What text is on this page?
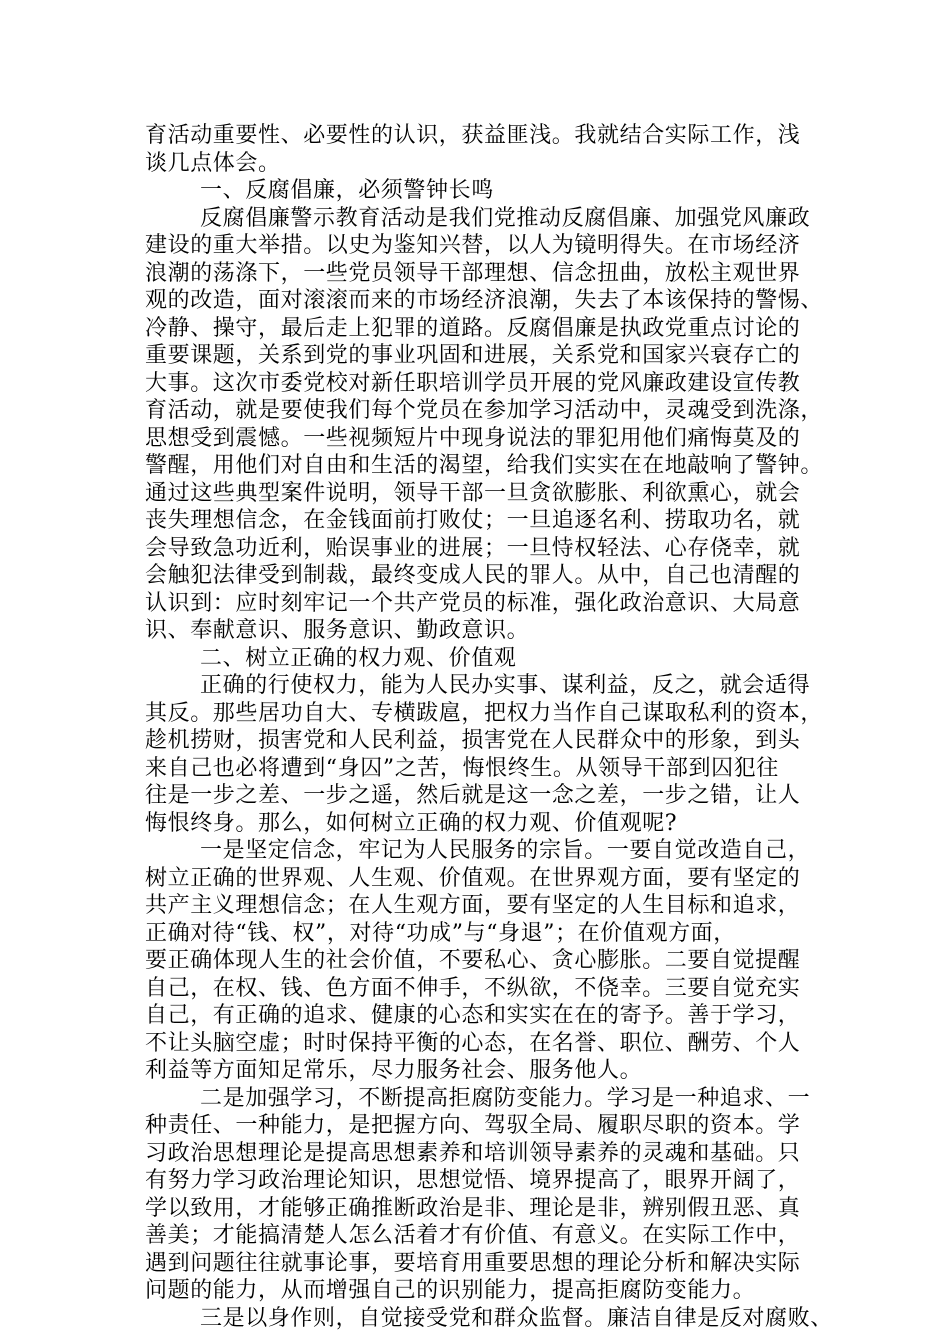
育活动重要性、必要性的认识，获益匪浅。我就结合实际工作，浅
谈几点体会。
一、反腐倡廉，必须警钟长鸣
反腐倡廉警示教育活动是我们党推动反腐倡廉、加强党风廉政
建设的重大举措。以史为鉴知兴替，以人为镜明得失。在市场经济
浪潮的荡涤下，一些党员领导干部理想、信念扭曲，放松主观世界
观的改造，面对滚滚而来的市场经济浪潮，失去了本该保持的警惕、
冷静、操守，最后走上犯罪的道路。反腐倡廉是执政党重点讨论的
重要课题，关系到党的事业巩固和进展，关系党和国家兴衰存亡的
大事。这次市委党校对新任职培训学员开展的党风廉政建设宣传教
育活动，就是要使我们每个党员在参加学习活动中，灵魂受到洗涤，
思想受到震憾。一些视频短片中现身说法的罪犯用他们痛悔莫及的
警醒，用他们对自由和生活的渴望，给我们实实在在地敲响了警钟。
通过这些典型案件说明，领导干部一旦贪欲膨胀、利欲熏心，就会
丧失理想信念，在金钱面前打败仗；一旦追逐名利、捞取功名，就
会导致急功近利，贻误事业的进展；一旦恃权轻法、心存侥幸，就
会触犯法律受到制裁，最终变成人民的罪人。从中，自己也清醒的
认识到：应时刻牢记一个共产党员的标准，强化政治意识、大局意
识、奉献意识、服务意识、勤政意识。
二、树立正确的权力观、价值观
正确的行使权力，能为人民办实事、谋利益，反之，就会适得
其反。那些居功自大、专横跋扈，把权力当作自己谋取私利的资本，
趁机捞财，损害党和人民利益，损害党在人民群众中的形象，到头
来自己也必将遭到“身囚”之苦，悔恨终生。从领导干部到囚犯往
往是一步之差、一步之遥，然后就是这一念之差，一步之错，让人
悔恨终身。那么，如何树立正确的权力观、价值观呢?
一是坚定信念，牢记为人民服务的宗旨。一要自觉改造自己，
树立正确的世界观、人生观、价值观。在世界观方面，要有坚定的
共产主义理想信念；在人生观方面，要有坚定的人生目标和追求，
正确对待“钱、权”，对待“功成”与“身退”；在价值观方面，
要正确体现人生的社会价值，不要私心、贪心膨胀。二要自觉提醒
自己，在权、钱、色方面不伸手，不纵欲，不侥幸。三要自觉充实
自己，有正确的追求、健康的心态和实实在在的寄予。善于学习，
不让头脑空虚；时时保持平衡的心态，在名誉、职位、酬劳、个人
利益等方面知足常乐，尽力服务社会、服务他人。
二是加强学习，不断提高拒腐防变能力。学习是一种追求、一
种责任、一种能力，是把握方向、驾驭全局、履职尽职的资本。学
习政治思想理论是提高思想素养和培训领导素养的灵魂和基础。只
有努力学习政治理论知识，思想觉悟、境界提高了，眼界开阔了，
学以致用，才能够正确推断政治是非、理论是非，辨别假丑恶、真
善美；才能搞清楚人怎么活着才有价值、有意义。在实际工作中，
遇到问题往往就事论事，要培育用重要思想的理论分析和解决实际
问题的能力，从而增强自己的识别能力，提高拒腐防变能力。
三是以身作则，自觉接受党和群众监督。廉洁自律是反对腐败、
